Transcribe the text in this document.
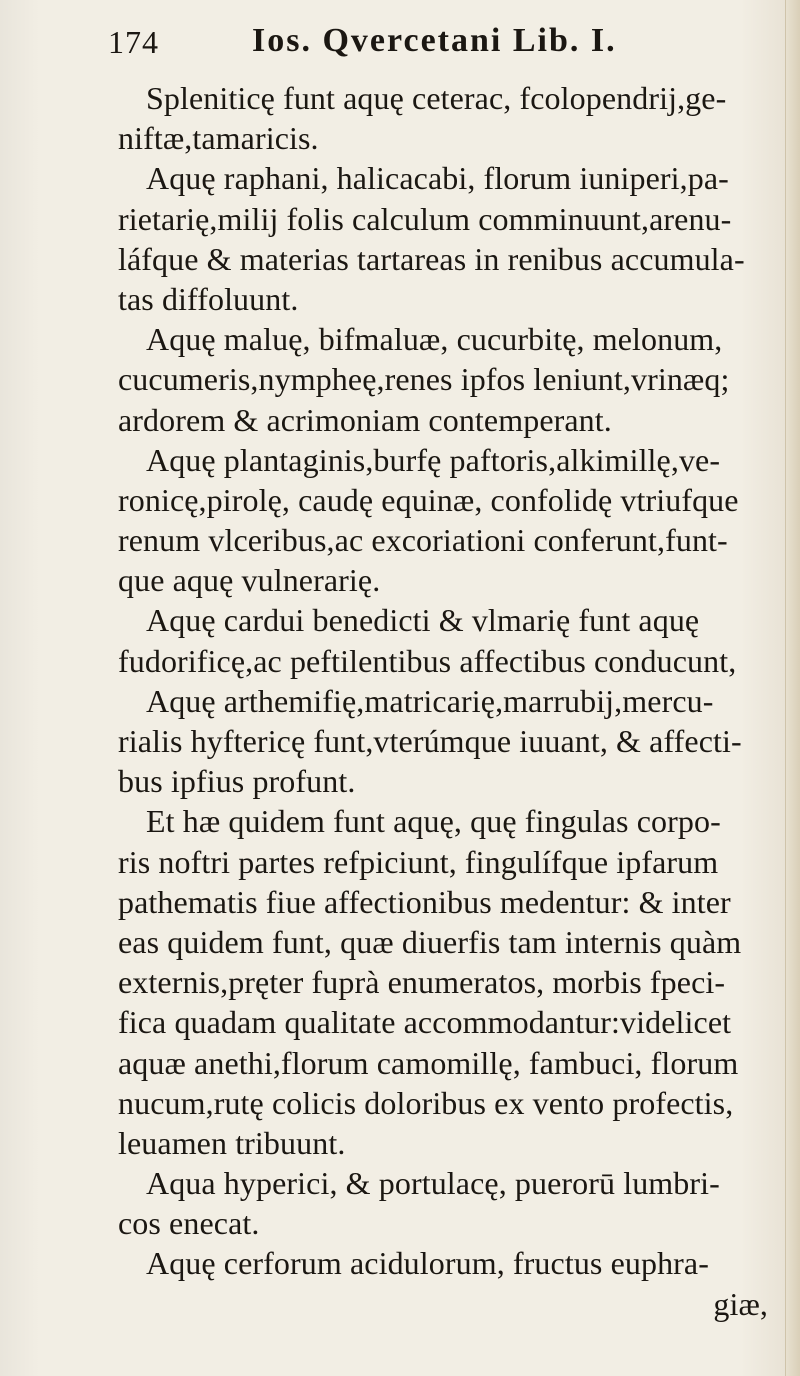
174	Ios. Qvercetani Lib. I.
Spleniticę funt aquę ceterac, fcolopendrij,ge-
niftæ,tamaricis.
Aquę raphani, halicacabi, florum iuniperi,pa-
rietarię,milij folis calculum comminuunt,arenu-
láfque & materias tartareas in renibus accumula-
tas diffoluunt.
Aquę maluę, bifmaluæ, cucurbitę, melonum,
cucumeris,nympheę,renes ipfos leniunt,vrinæq;
ardorem & acrimoniam contemperant.
Aquę plantaginis,burfę paftoris,alkimillę,ve-
ronicę,pirolę, caudę equinæ, confolidę vtriufque
renum vlceribus,ac excoriationi conferunt,funt-
que aquę vulnerarię.
Aquę cardui benedicti & vlmarię funt aquę
fudorificę,ac peftilentibus affectibus conducunt,
Aquę arthemifię,matricarię,marrubij,mercu-
rialis hyftericę funt,vterúmque iuuant, & affecti-
bus ipfius profunt.
Et hæ quidem funt aquę, quę fingulas corpo-
ris noftri partes refpiciunt, fingulífque ipfarum
pathematis fiue affectionibus medentur: & inter
eas quidem funt, quæ diuerfis tam internis quàm
externis,pręter fuprà enumeratos, morbis fpeci-
fica quadam qualitate accommodantur:videlicet
aquæ anethi,florum camomillę, fambuci, florum
nucum,rutę colicis doloribus ex vento profectis,
leuamen tribuunt.
Aqua hyperici, & portulacę, puerorū lumbri-
cos enecat.
Aquę cerforum acidulorum, fructus euphra-
giæ,
